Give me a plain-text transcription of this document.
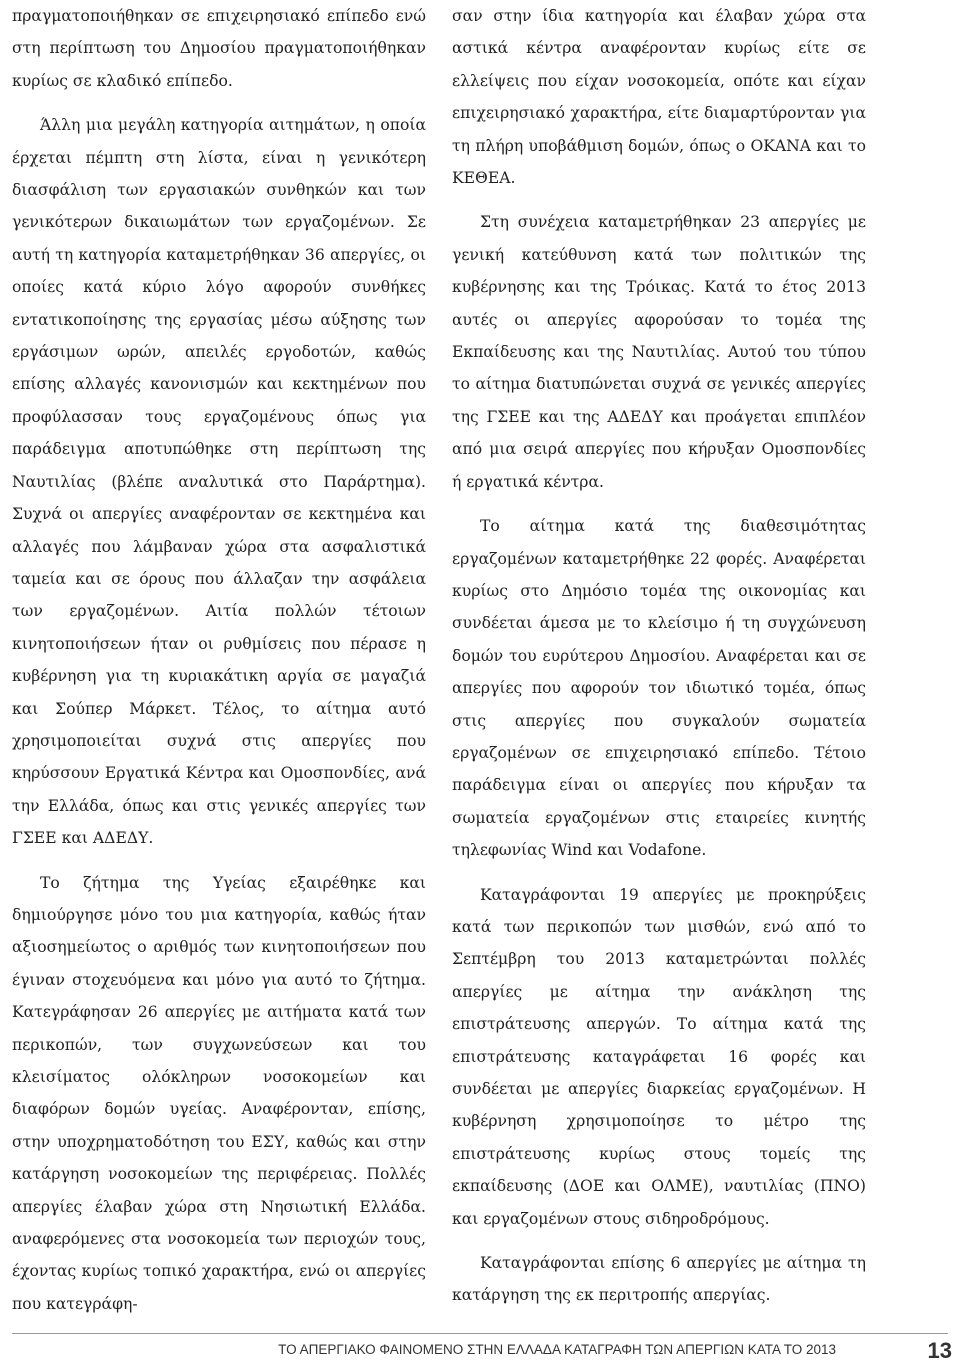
πραγματοποιήθηκαν σε επιχειρησιακό επίπεδο ενώ στη περίπτωση του Δημοσίου πραγματοποιήθηκαν κυρίως σε κλαδικό επίπεδο.

Άλλη μια μεγάλη κατηγορία αιτημάτων, η οποία έρχεται πέμπτη στη λίστα, είναι η γενικότερη διασφάλιση των εργασιακών συνθηκών και των γενικότερων δικαιωμάτων των εργαζομένων. Σε αυτή τη κατηγορία καταμετρήθηκαν 36 απεργίες, οι οποίες κατά κύριο λόγο αφορούν συνθήκες εντατικοποίησης της εργασίας μέσω αύξησης των εργάσιμων ωρών, απειλές εργοδοτών, καθώς επίσης αλλαγές κανονισμών και κεκτημένων που προφύλασσαν τους εργαζομένους όπως για παράδειγμα αποτυπώθηκε στη περίπτωση της Ναυτιλίας (βλέπε αναλυτικά στο Παράρτημα). Συχνά οι απεργίες αναφέρονταν σε κεκτημένα και αλλαγές που λάμβαναν χώρα στα ασφαλιστικά ταμεία και σε όρους που άλλαζαν την ασφάλεια των εργαζομένων. Αιτία πολλών τέτοιων κινητοποιήσεων ήταν οι ρυθμίσεις που πέρασε η κυβέρνηση για τη κυριακάτικη αργία σε μαγαζιά και Σούπερ Μάρκετ. Τέλος, το αίτημα αυτό χρησιμοποιείται συχνά στις απεργίες που κηρύσσουν Εργατικά Κέντρα και Ομοσπονδίες, ανά την Ελλάδα, όπως και στις γενικές απεργίες των ΓΣΕΕ και ΑΔΕΔΥ.

Το ζήτημα της Υγείας εξαιρέθηκε και δημιούργησε μόνο του μια κατηγορία, καθώς ήταν αξιοσημείωτος ο αριθμός των κινητοποιήσεων που έγιναν στοχευόμενα και μόνο για αυτό το ζήτημα. Κατεγράφησαν 26 απεργίες με αιτήματα κατά των περικοπών, των συγχωνεύσεων και του κλεισίματος ολόκληρων νοσοκομείων και διαφόρων δομών υγείας. Αναφέρονταν, επίσης, στην υποχρηματοδότηση του ΕΣΥ, καθώς και στην κατάργηση νοσοκομείων της περιφέρειας. Πολλές απεργίες έλαβαν χώρα στη Νησιωτική Ελλάδα. αναφερόμενες στα νοσοκομεία των περιοχών τους, έχοντας κυρίως τοπικό χαρακτήρα, ενώ οι απεργίες που κατεγράφη-

σαν στην ίδια κατηγορία και έλαβαν χώρα στα αστικά κέντρα αναφέρονταν κυρίως είτε σε ελλείψεις που είχαν νοσοκομεία, οπότε και είχαν επιχειρησιακό χαρακτήρα, είτε διαμαρτύρονταν για τη πλήρη υποβάθμιση δομών, όπως ο ΟΚΑΝΑ και το ΚΕΘΕΑ.

Στη συνέχεια καταμετρήθηκαν 23 απεργίες με γενική κατεύθυνση κατά των πολιτικών της κυβέρνησης και της Τρόικας. Κατά το έτος 2013 αυτές οι απεργίες αφορούσαν το τομέα της Εκπαίδευσης και της Ναυτιλίας. Αυτού του τύπου το αίτημα διατυπώνεται συχνά σε γενικές απεργίες της ΓΣΕΕ και της ΑΔΕΔΥ και προάγεται επιπλέον από μια σειρά απεργίες που κήρυξαν Ομοσπονδίες ή εργατικά κέντρα.

Το αίτημα κατά της διαθεσιμότητας εργαζομένων καταμετρήθηκε 22 φορές. Αναφέρεται κυρίως στο Δημόσιο τομέα της οικονομίας και συνδέεται άμεσα με το κλείσιμο ή τη συγχώνευση δομών του ευρύτερου Δημοσίου. Αναφέρεται και σε απεργίες που αφορούν τον ιδιωτικό τομέα, όπως στις απεργίες που συγκαλούν σωματεία εργαζομένων σε επιχειρησιακό επίπεδο. Τέτοιο παράδειγμα είναι οι απεργίες που κήρυξαν τα σωματεία εργαζομένων στις εταιρείες κινητής τηλεφωνίας Wind και Vodafone.

Καταγράφονται 19 απεργίες με προκηρύξεις κατά των περικοπών των μισθών, ενώ από το Σεπτέμβρη του 2013 καταμετρώνται πολλές απεργίες με αίτημα την ανάκληση της επιστράτευσης απεργών. Το αίτημα κατά της επιστράτευσης καταγράφεται 16 φορές και συνδέεται με απεργίες διαρκείας εργαζομένων. Η κυβέρνηση χρησιμοποίησε το μέτρο της επιστράτευσης κυρίως στους τομείς της εκπαίδευσης (ΔΟΕ και ΟΛΜΕ), ναυτιλίας (ΠΝΟ) και εργαζομένων στους σιδηροδρόμους.

Καταγράφονται επίσης 6 απεργίες με αίτημα τη κατάργηση της εκ περιτροπής απεργίας.

ΤΟ ΑΠΕΡΓΙΑΚΟ ΦΑΙΝΟΜΕΝΟ ΣΤΗΝ ΕΛΛΑΔΑ ΚΑΤΑΓΡΑΦΗ ΤΩΝ ΑΠΕΡΓΙΩΝ ΚΑΤΑ ΤΟ 2013	13
